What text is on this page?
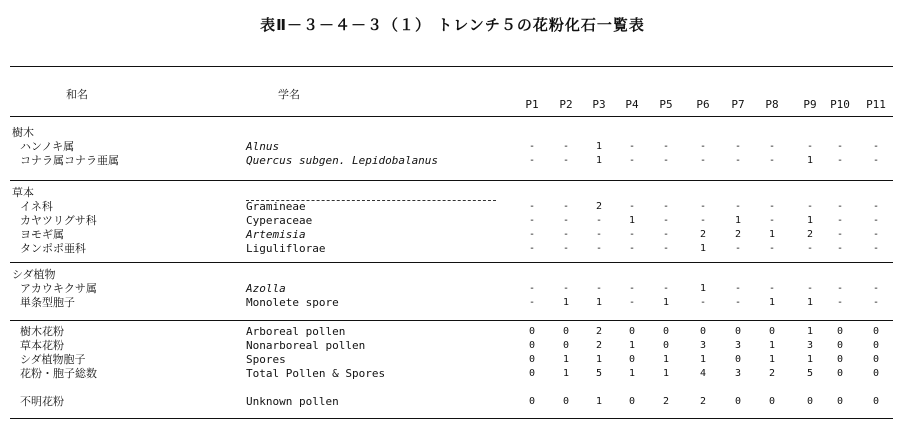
表Ⅱ－３－４－３（１） トレンチ５の花粉化石一覧表
和名	学名
P1	P2	P3	P4	P5	P6	P7	P8	P9	P10 P11
樹木
ハンノキ属	Alnus	-	-	1	-	-	-	-	-	-	-	-
コナラ属コナラ亜属	Quercus subgen. Lepidobalanus	-	-	1	-	-	-	-	-	1	-	-
草本
イネ科	Gramineae	-	-	2	-	-	-	-	-	-	-	-
カヤツリグサ科	Cyperaceae	-	-	-	1	-	-	1	-	1	-	-
ヨモギ属	Artemisia	-	-	-	-	-	2	2	1	2	-	-
タンポポ亜科	Liguliflorae	-	-	-	-	-	1	-	-	-	-	-
シダ植物
アカウキクサ属	Azolla	-	-	-	-	-	1	-	-	-	-	-
単条型胞子	Monolete spore	-	1	1	-	1	-	-	1	1	-	-
樹木花粉	Arboreal pollen	0	0	2	0	0	0	0	0	1	0	0
草本花粉	Nonarboreal pollen	0	0	2	1	0	3	3	1	3	0	0
シダ植物胞子	Spores	0	1	1	0	1	1	0	1	1	0	0
花粉・胞子総数	Total Pollen & Spores	0	1	5	1	1	4	3	2	5	0	0
不明花粉	Unknown pollen	0	0	1	0	2	2	0	0	0	0	0
